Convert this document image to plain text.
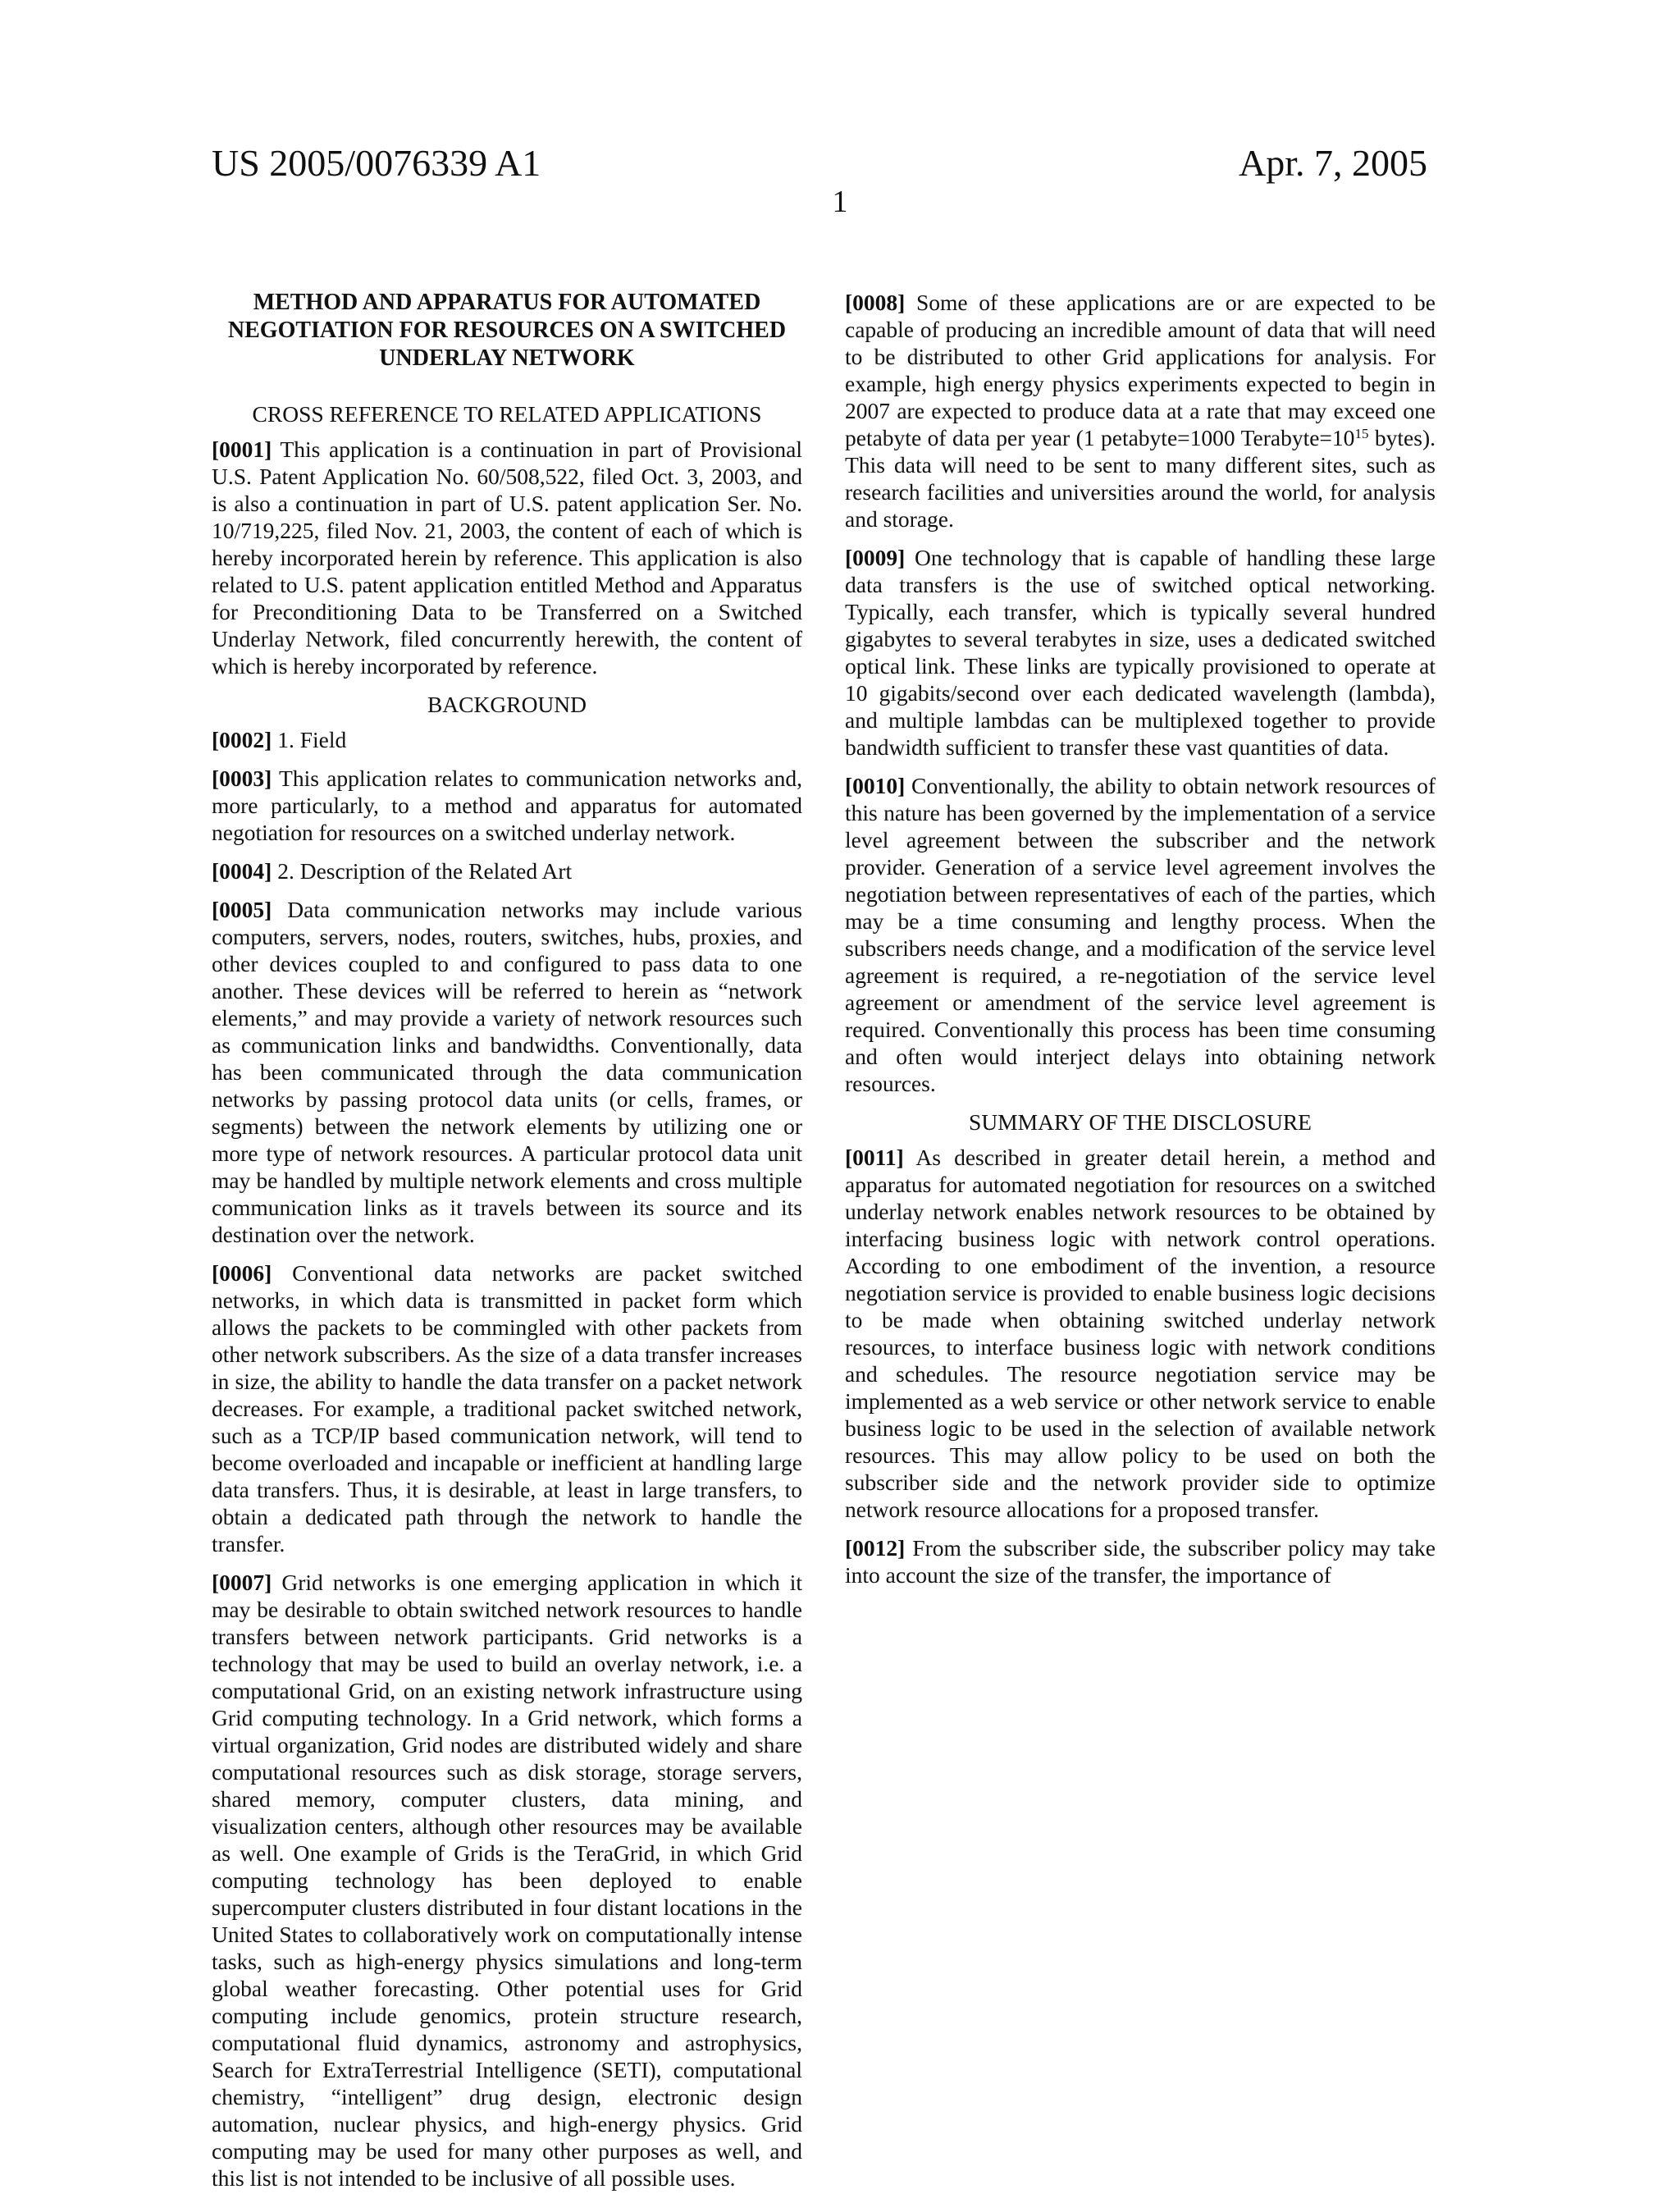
US 2005/0076339 A1	Apr. 7, 2005
1
METHOD AND APPARATUS FOR AUTOMATED NEGOTIATION FOR RESOURCES ON A SWITCHED UNDERLAY NETWORK
CROSS REFERENCE TO RELATED APPLICATIONS

[0001] This application is a continuation in part of Provisional U.S. Patent Application No. 60/508,522, filed Oct. 3, 2003, and is also a continuation in part of U.S. patent application Ser. No. 10/719,225, filed Nov. 21, 2003, the content of each of which is hereby incorporated herein by reference. This application is also related to U.S. patent application entitled Method and Apparatus for Preconditioning Data to be Transferred on a Switched Underlay Network, filed concurrently herewith, the content of which is hereby incorporated by reference.

BACKGROUND

[0002] 1. Field

[0003] This application relates to communication networks and, more particularly, to a method and apparatus for automated negotiation for resources on a switched underlay network.

[0004] 2. Description of the Related Art

[0005] Data communication networks may include various computers, servers, nodes, routers, switches, hubs, proxies, and other devices coupled to and configured to pass data to one another. These devices will be referred to herein as “network elements,” and may provide a variety of network resources such as communication links and bandwidths. Conventionally, data has been communicated through the data communication networks by passing protocol data units (or cells, frames, or segments) between the network elements by utilizing one or more type of network resources. A particular protocol data unit may be handled by multiple network elements and cross multiple communication links as it travels between its source and its destination over the network.

[0006] Conventional data networks are packet switched networks, in which data is transmitted in packet form which allows the packets to be commingled with other packets from other network subscribers. As the size of a data transfer increases in size, the ability to handle the data transfer on a packet network decreases. For example, a traditional packet switched network, such as a TCP/IP based communication network, will tend to become overloaded and incapable or inefficient at handling large data transfers. Thus, it is desirable, at least in large transfers, to obtain a dedicated path through the network to handle the transfer.

[0007] Grid networks is one emerging application in which it may be desirable to obtain switched network resources to handle transfers between network participants. Grid networks is a technology that may be used to build an overlay network, i.e. a computational Grid, on an existing network infrastructure using Grid computing technology. In a Grid network, which forms a virtual organization, Grid nodes are distributed widely and share computational resources such as disk storage, storage servers, shared memory, computer clusters, data mining, and visualization centers, although other resources may be available as well. One example of Grids is the TeraGrid, in which Grid computing technology has been deployed to enable supercomputer clusters distributed in four distant locations in the United States to collaboratively work on computationally intense tasks, such as high-energy physics simulations and long-term global weather forecasting. Other potential uses for Grid computing include genomics, protein structure research, computational fluid dynamics, astronomy and astrophysics, Search for ExtraTerrestrial Intelligence (SETI), computational chemistry, “intelligent” drug design, electronic design automation, nuclear physics, and high-energy physics. Grid computing may be used for many other purposes as well, and this list is not intended to be inclusive of all possible uses.

[0008] Some of these applications are or are expected to be capable of producing an incredible amount of data that will need to be distributed to other Grid applications for analysis. For example, high energy physics experiments expected to begin in 2007 are expected to produce data at a rate that may exceed one petabyte of data per year (1 petabyte=1000 $Terabyte=10^{15}$ bytes). This data will need to be sent to many different sites, such as research facilities and universities around the world, for analysis and storage.

[0009] One technology that is capable of handling these large data transfers is the use of switched optical networking. Typically, each transfer, which is typically several hundred gigabytes to several terabytes in size, uses a dedicated switched optical link. These links are typically provisioned to operate at 10 gigabits/second over each dedicated wavelength (lambda), and multiple lambdas can be multiplexed together to provide bandwidth sufficient to transfer these vast quantities of data.

[0010] Conventionally, the ability to obtain network resources of this nature has been governed by the implementation of a service level agreement between the subscriber and the network provider. Generation of a service level agreement involves the negotiation between representatives of each of the parties, which may be a time consuming and lengthy process. When the subscribers needs change, and a modification of the service level agreement is required, a re-negotiation of the service level agreement or amendment of the service level agreement is required. Conventionally this process has been time consuming and often would interject delays into obtaining network resources.

SUMMARY OF THE DISCLOSURE

[0011] As described in greater detail herein, a method and apparatus for automated negotiation for resources on a switched underlay network enables network resources to be obtained by interfacing business logic with network control operations. According to one embodiment of the invention, a resource negotiation service is provided to enable business logic decisions to be made when obtaining switched underlay network resources, to interface business logic with network conditions and schedules. The resource negotiation service may be implemented as a web service or other network service to enable business logic to be used in the selection of available network resources. This may allow policy to be used on both the subscriber side and the network provider side to optimize network resource allocations for a proposed transfer.

[0012] From the subscriber side, the subscriber policy may take into account the size of the transfer, the importance of
